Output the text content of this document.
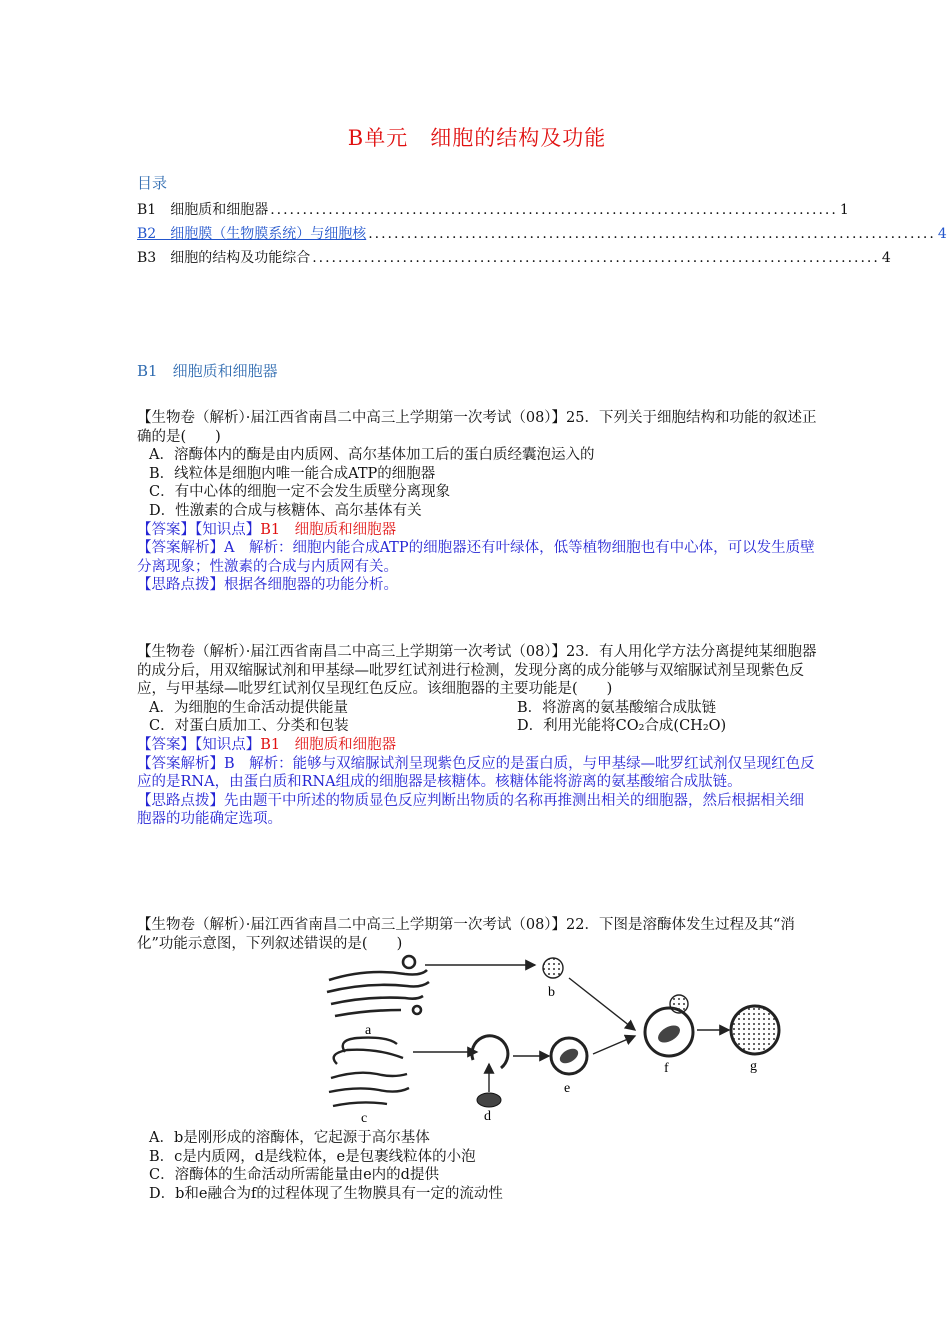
B单元　细胞的结构及功能
目录
B1　细胞质和细胞器 ........................................................................................ 1
B2　细胞膜（生物膜系统）与细胞核 ........................................................................................ 4
B3　细胞的结构及功能综合 ........................................................................................ 4
B1　细胞质和细胞器

【生物卷（解析）·届江西省南昌二中高三上学期第一次考试（08）】25．下列关于细胞结构和功能的叙述正确的是(　　)

A．溶酶体内的酶是由内质网、高尔基体加工后的蛋白质经囊泡运入的

B．线粒体是细胞内唯一能合成ATP的细胞器

C．有中心体的细胞一定不会发生质壁分离现象

D．性激素的合成与核糖体、高尔基体有关

【答案】【知识点】B1　细胞质和细胞器

【答案解析】A　解析：细胞内能合成ATP的细胞器还有叶绿体，低等植物细胞也有中心体，可以发生质壁分离现象；性激素的合成与内质网有关。

【思路点拨】根据各细胞器的功能分析。

【生物卷（解析）·届江西省南昌二中高三上学期第一次考试（08）】23．有人用化学方法分离提纯某细胞器的成分后，用双缩脲试剂和甲基绿—吡罗红试剂进行检测，发现分离的成分能够与双缩脲试剂呈现紫色反应，与甲基绿—吡罗红试剂仅呈现红色反应。该细胞器的主要功能是(　　)

A．为细胞的生命活动提供能量	B．将游离的氨基酸缩合成肽链

C．对蛋白质加工、分类和包装	D．利用光能将CO₂合成(CH₂O)

【答案】【知识点】B1　细胞质和细胞器

【答案解析】B　解析：能够与双缩脲试剂呈现紫色反应的是蛋白质，与甲基绿—吡罗红试剂仅呈现红色反应的是RNA，由蛋白质和RNA组成的细胞器是核糖体。核糖体能将游离的氨基酸缩合成肽链。

【思路点拨】先由题干中所述的物质显色反应判断出物质的名称再推测出相关的细胞器，然后根据相关细胞器的功能确定选项。

【生物卷（解析）·届江西省南昌二中高三上学期第一次考试（08）】22．下图是溶酶体发生过程及其“消化”功能示意图，下列叙述错误的是(　　)

a
b
c	d
e
f	g

A．b是刚形成的溶酶体，它起源于高尔基体

B．c是内质网，d是线粒体，e是包裹线粒体的小泡

C．溶酶体的生命活动所需能量由e内的d提供

D．b和e融合为f的过程体现了生物膜具有一定的流动性
